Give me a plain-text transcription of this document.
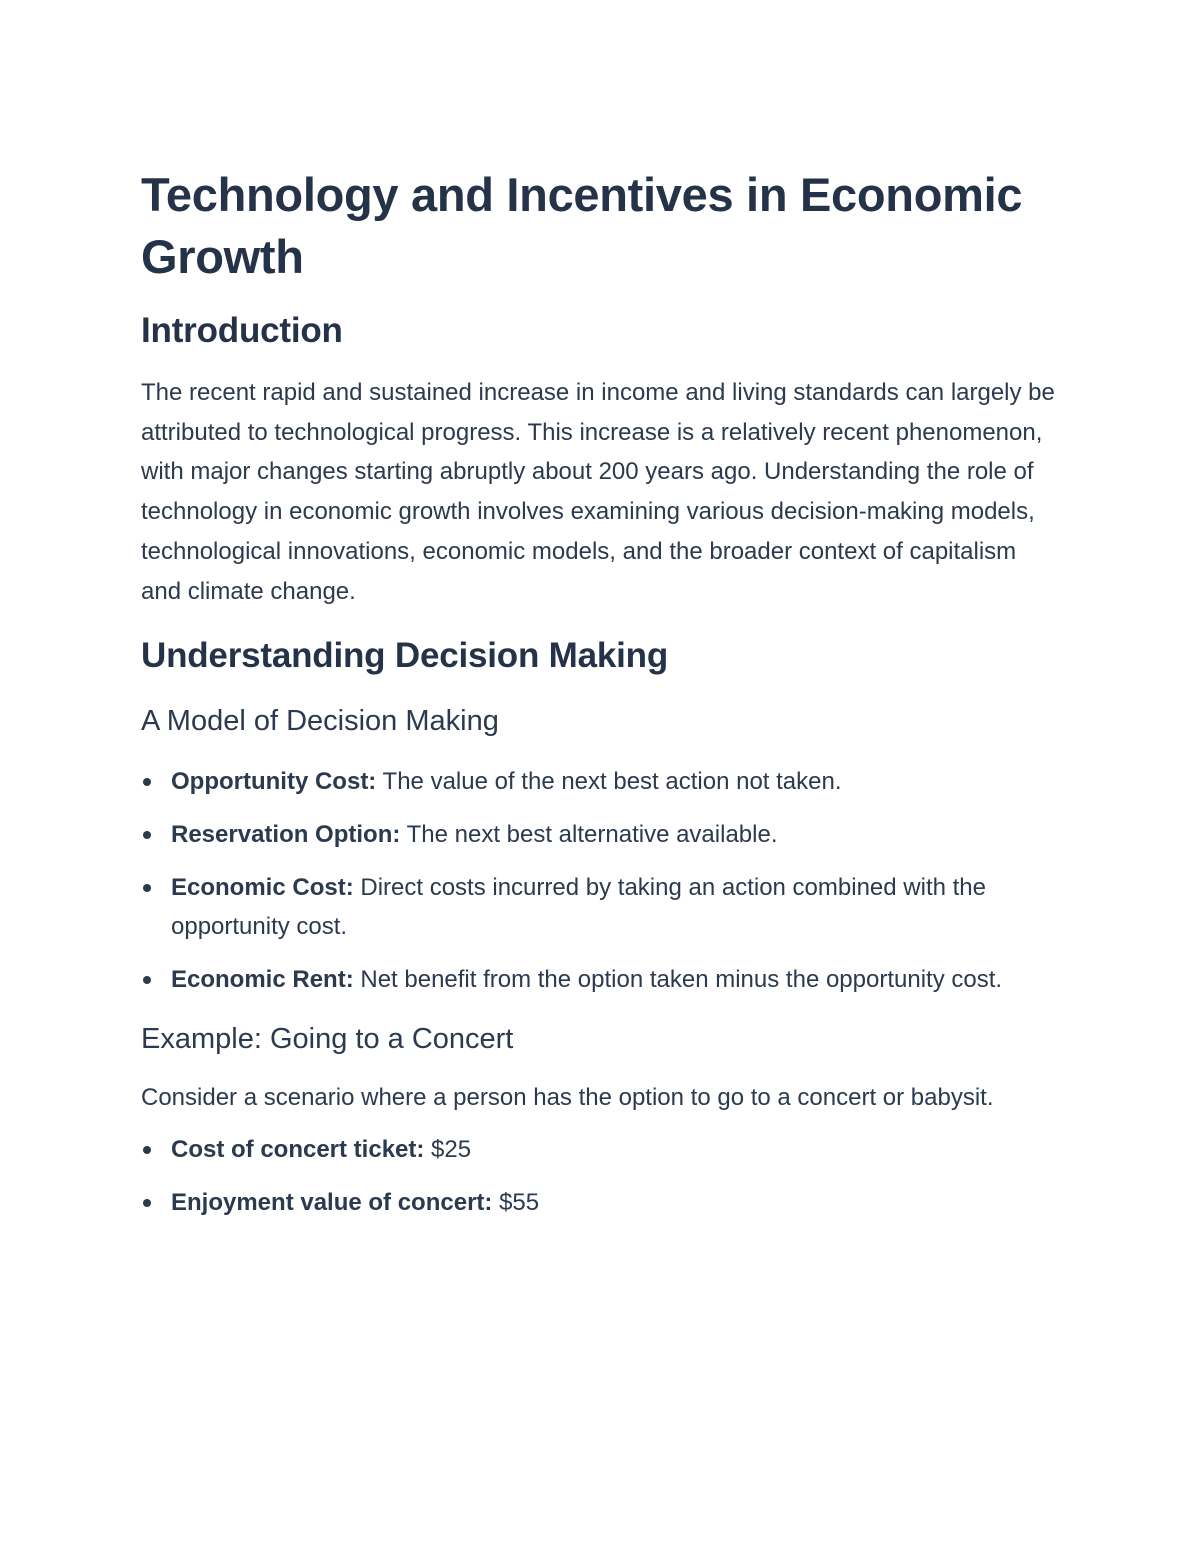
Technology and Incentives in Economic Growth
Introduction

The recent rapid and sustained increase in income and living standards can largely be attributed to technological progress. This increase is a relatively recent phenomenon, with major changes starting abruptly about 200 years ago. Understanding the role of technology in economic growth involves examining various decision-making models, technological innovations, economic models, and the broader context of capitalism and climate change.

Understanding Decision Making
A Model of Decision Making
Opportunity Cost: The value of the next best action not taken.
Reservation Option: The next best alternative available.
Economic Cost: Direct costs incurred by taking an action combined with the opportunity cost.
Economic Rent: Net benefit from the option taken minus the opportunity cost.
Example: Going to a Concert

Consider a scenario where a person has the option to go to a concert or babysit.

Cost of concert ticket: $25
Enjoyment value of concert: $55
